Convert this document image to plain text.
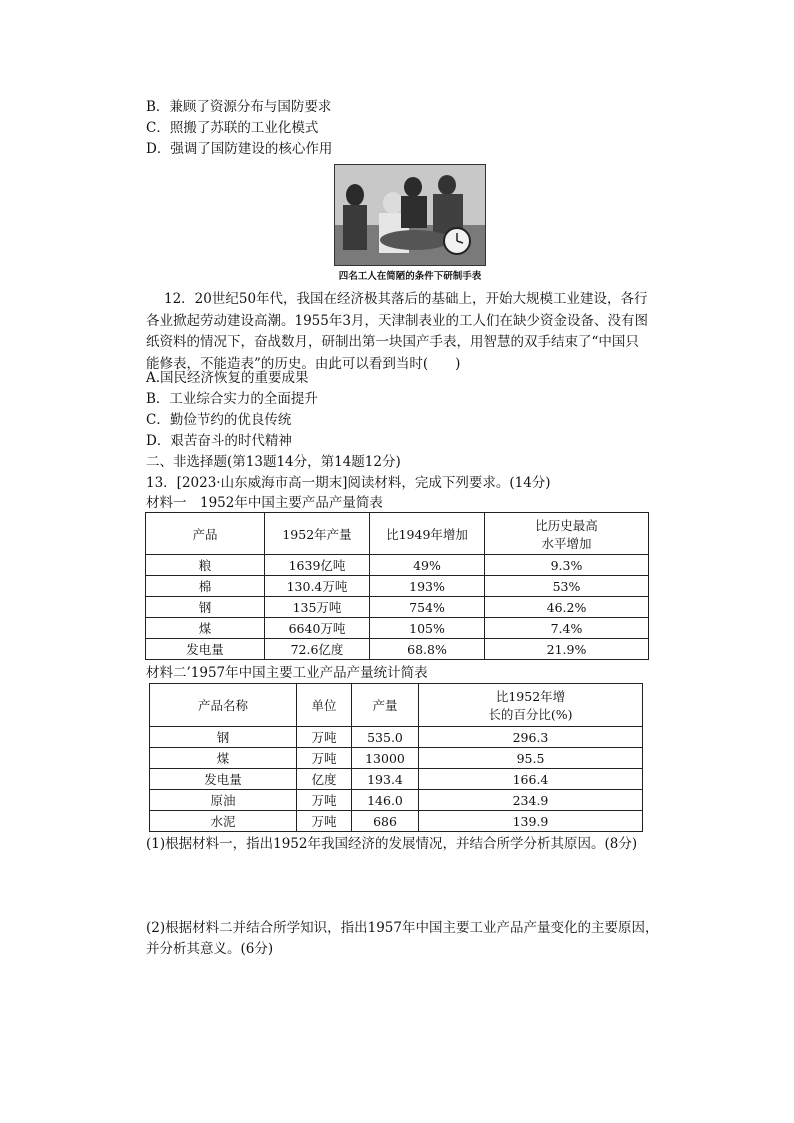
B．兼顾了资源分布与国防要求
C．照搬了苏联的工业化模式
D．强调了国防建设的核心作用
四名工人在简陋的条件下研制手表
12．20世纪50年代，我国在经济极其落后的基础上，开始大规模工业建设，各行各业掀起劳动建设高潮。1955年3月，天津制表业的工人们在缺少资金设备、没有图纸资料的情况下，奋战数月，研制出第一块国产手表，用智慧的双手结束了“中国只能修表，不能造表”的历史。由此可以看到当时(　　)
A.国民经济恢复的重要成果
B．工业综合实力的全面提升
C．勤俭节约的优良传统
D．艰苦奋斗的时代精神
二、非选择题(第13题14分，第14题12分)
13．[2023·山东威海市高一期末]阅读材料，完成下列要求。(14分)
材料一　1952年中国主要产品产量简表
产品	1952年产量	比1949年增加	比历史最高
水平增加
粮	1639亿吨	49%	9.3%
棉	130.4万吨	193%	53%
钢	135万吨	754%	46.2%
煤	6640万吨	105%	7.4%
发电量	72.6亿度	68.8%	21.9%
材料二’1957年中国主要工业产品产量统计简表
产品名称	单位	产量	比1952年增
长的百分比(%)
钢	万吨	535.0	296.3
煤	万吨	13000	95.5
发电量	亿度	193.4	166.4
原油	万吨	146.0	234.9
水泥	万吨	686	139.9
(1)根据材料一，指出1952年我国经济的发展情况，并结合所学分析其原因。(8分)
(2)根据材料二并结合所学知识，指出1957年中国主要工业产品产量变化的主要原因，
并分析其意义。(6分)
